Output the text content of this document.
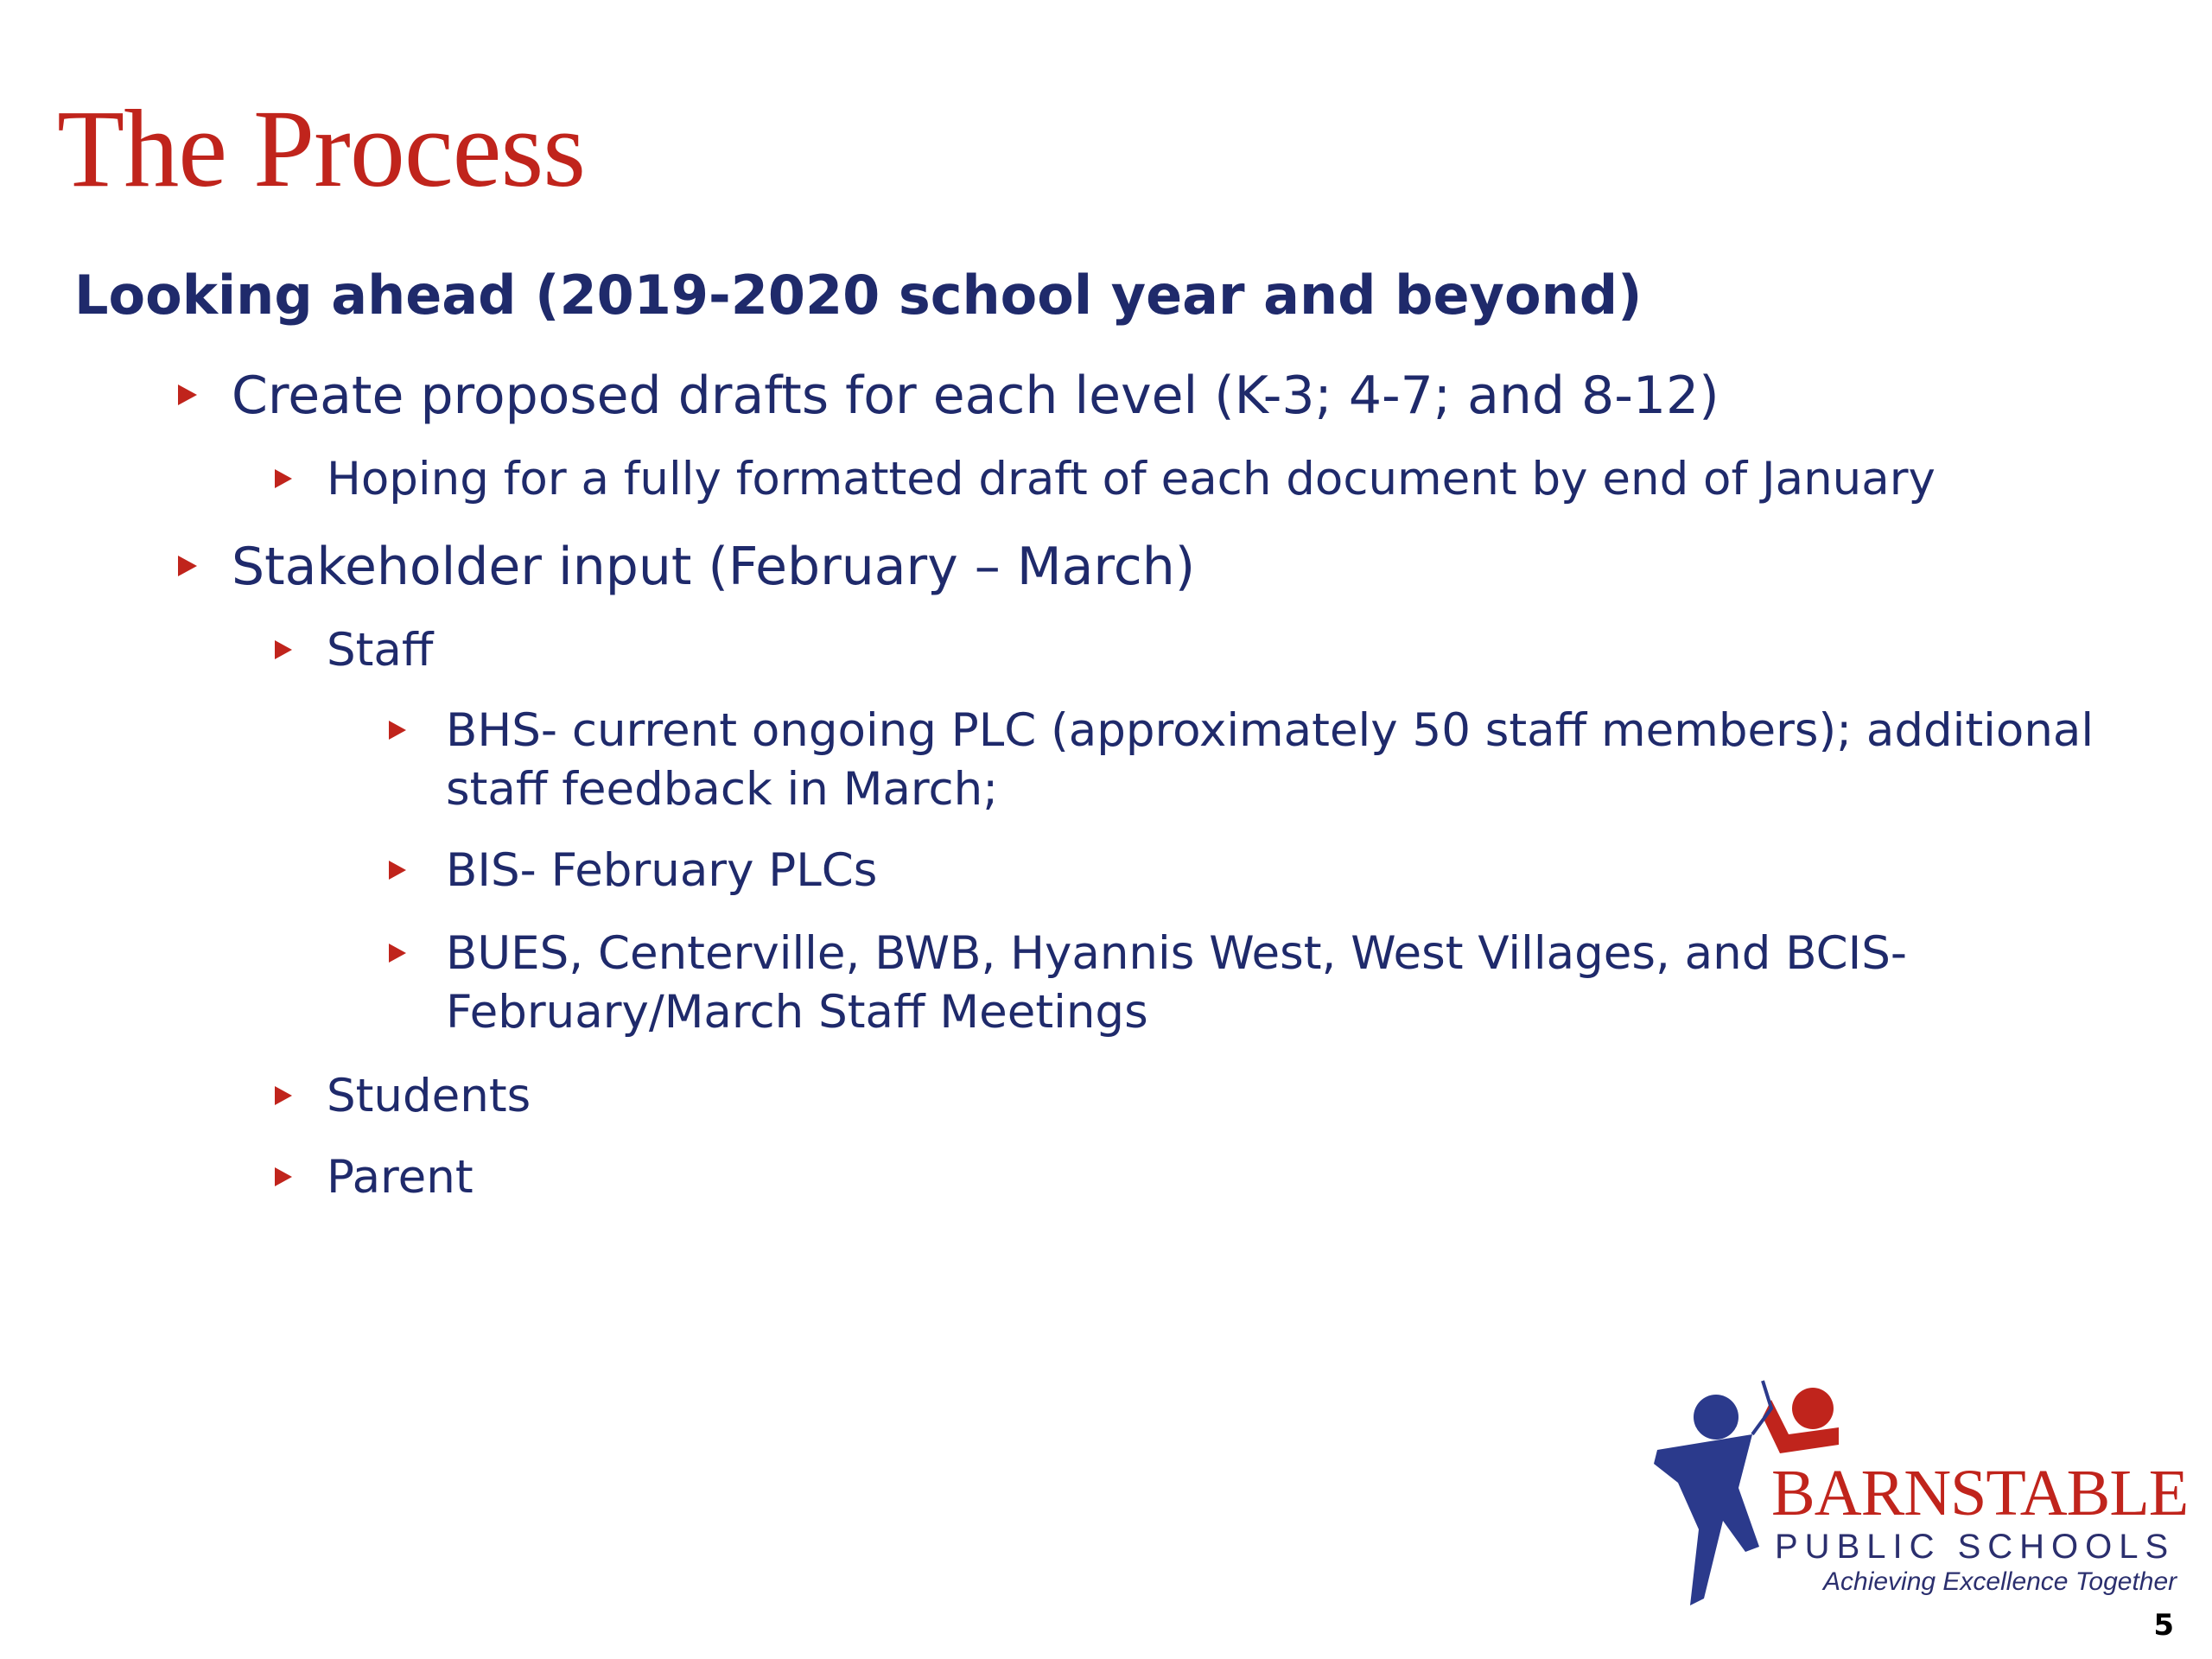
The Process
Looking ahead (2019-2020 school year and beyond)
Create proposed drafts for each level (K-3; 4-7; and 8-12)
Hoping for a fully formatted draft of each document by end of January
Stakeholder input (February – March)
Staff
BHS- current ongoing PLC (approximately 50 staff members); additional staff feedback in March;
BIS- February PLCs
BUES, Centerville, BWB, Hyannis West, West Villages, and BCIS- February/March Staff Meetings
Students
Parent
BARNSTABLE
PUBLIC SCHOOLS
Achieving Excellence Together
5
